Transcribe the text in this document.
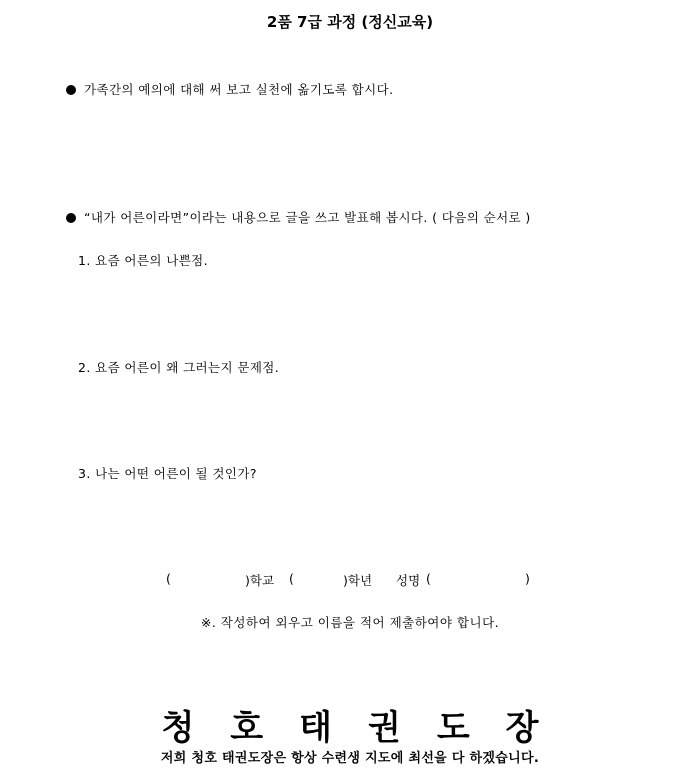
2품 7급 과정 (정신교육)
가족간의 예의에 대해 써 보고 실천에 옮기도록 합시다.
“내가 어른이라면”이라는 내용으로 글을 쓰고 발표해 봅시다. ( 다음의 순서로 )
1. 요즘 어른의 나쁜점.
2. 요즘 어른이 왜 그러는지 문제점.
3. 나는 어떤 어른이 될 것인가?
(	)학교 (	)학년 성명 (	)
※. 작성하여 외우고 이름을 적어 제출하여야 합니다.
청호태권도장
저희 청호 태권도장은 항상 수련생 지도에 최선을 다 하겠습니다.
